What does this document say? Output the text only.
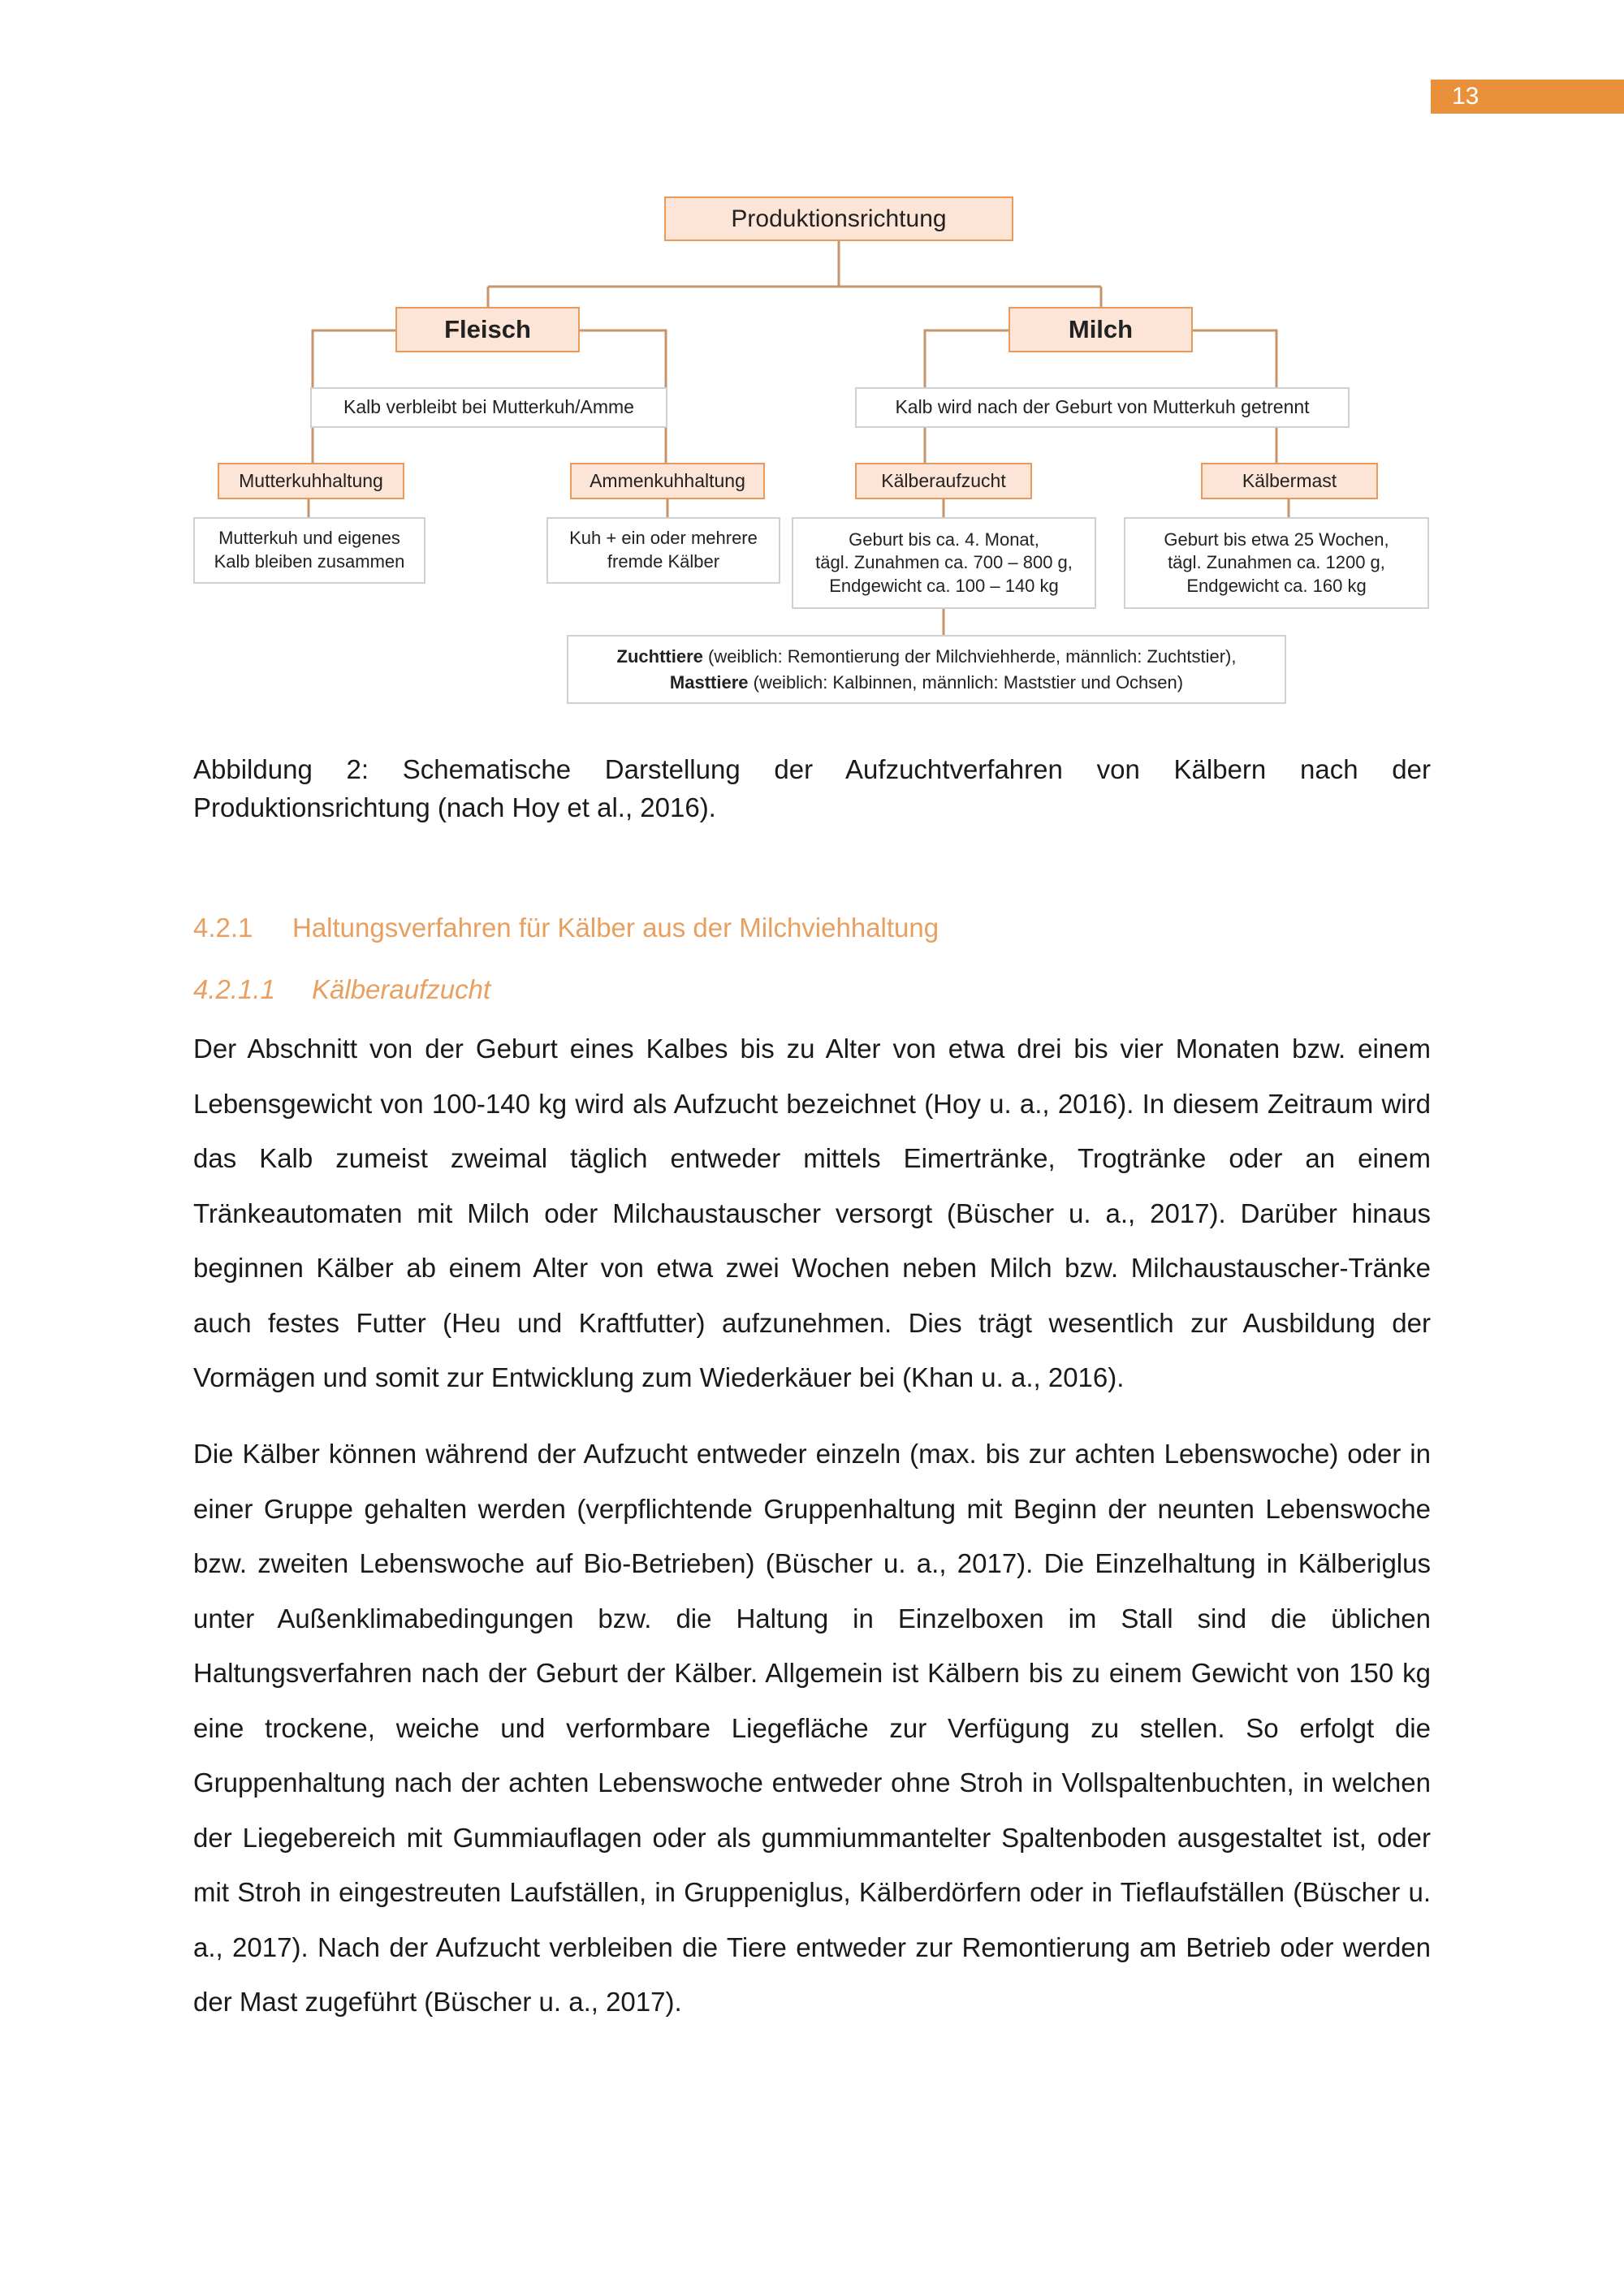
13
Produktionsrichtung
Fleisch	Milch
Kalb verbleibt bei Mutterkuh/Amme	Kalb wird nach der Geburt von Mutterkuh getrennt
Mutterkuhhaltung	Ammenkuhhaltung	Kälberaufzucht	Kälbermast
Mutterkuh und eigenes
Kalb bleiben zusammen
Kuh + ein oder mehrere
fremde Kälber
Geburt bis ca. 4. Monat,
tägl. Zunahmen ca. 700 – 800 g,
Endgewicht ca. 100 – 140 kg
Geburt bis etwa 25 Wochen,
tägl. Zunahmen ca. 1200 g,
Endgewicht ca. 160 kg
Zuchttiere (weiblich: Remontierung der Milchviehherde, männlich: Zuchtstier),
Masttiere (weiblich: Kalbinnen, männlich: Maststier und Ochsen)
Abbildung 2: Schematische Darstellung der Aufzuchtverfahren von Kälbern nach der
Produktionsrichtung (nach Hoy et al., 2016).
4.2.1 Haltungsverfahren für Kälber aus der Milchviehhaltung
4.2.1.1 Kälberaufzucht

Der Abschnitt von der Geburt eines Kalbes bis zu Alter von etwa drei bis vier Monaten bzw. einem Lebensgewicht von 100-140 kg wird als Aufzucht bezeichnet (Hoy u. a., 2016). In diesem Zeitraum wird das Kalb zumeist zweimal täglich entweder mittels Eimertränke, Trogtränke oder an einem Tränkeautomaten mit Milch oder Milchaustauscher versorgt (Büscher u. a., 2017). Darüber hinaus beginnen Kälber ab einem Alter von etwa zwei Wochen neben Milch bzw. Milchaustauscher-Tränke auch festes Futter (Heu und Kraftfutter) aufzunehmen. Dies trägt wesentlich zur Ausbildung der Vormägen und somit zur Entwicklung zum Wiederkäuer bei (Khan u. a., 2016).

Die Kälber können während der Aufzucht entweder einzeln (max. bis zur achten Lebenswoche) oder in einer Gruppe gehalten werden (verpflichtende Gruppenhaltung mit Beginn der neunten Lebenswoche bzw. zweiten Lebenswoche auf Bio-Betrieben) (Büscher u. a., 2017). Die Einzelhaltung in Kälberiglus unter Außenklimabedingungen bzw. die Haltung in Einzelboxen im Stall sind die üblichen Haltungsverfahren nach der Geburt der Kälber. Allgemein ist Kälbern bis zu einem Gewicht von 150 kg eine trockene, weiche und verformbare Liegefläche zur Verfügung zu stellen. So erfolgt die Gruppenhaltung nach der achten Lebenswoche entweder ohne Stroh in Vollspaltenbuchten, in welchen der Liegebereich mit Gummiauflagen oder als gummiummantelter Spaltenboden ausgestaltet ist, oder mit Stroh in eingestreuten Laufställen, in Gruppeniglus, Kälberdörfern oder in Tieflaufställen (Büscher u. a., 2017). Nach der Aufzucht verbleiben die Tiere entweder zur Remontierung am Betrieb oder werden der Mast zugeführt (Büscher u. a., 2017).
